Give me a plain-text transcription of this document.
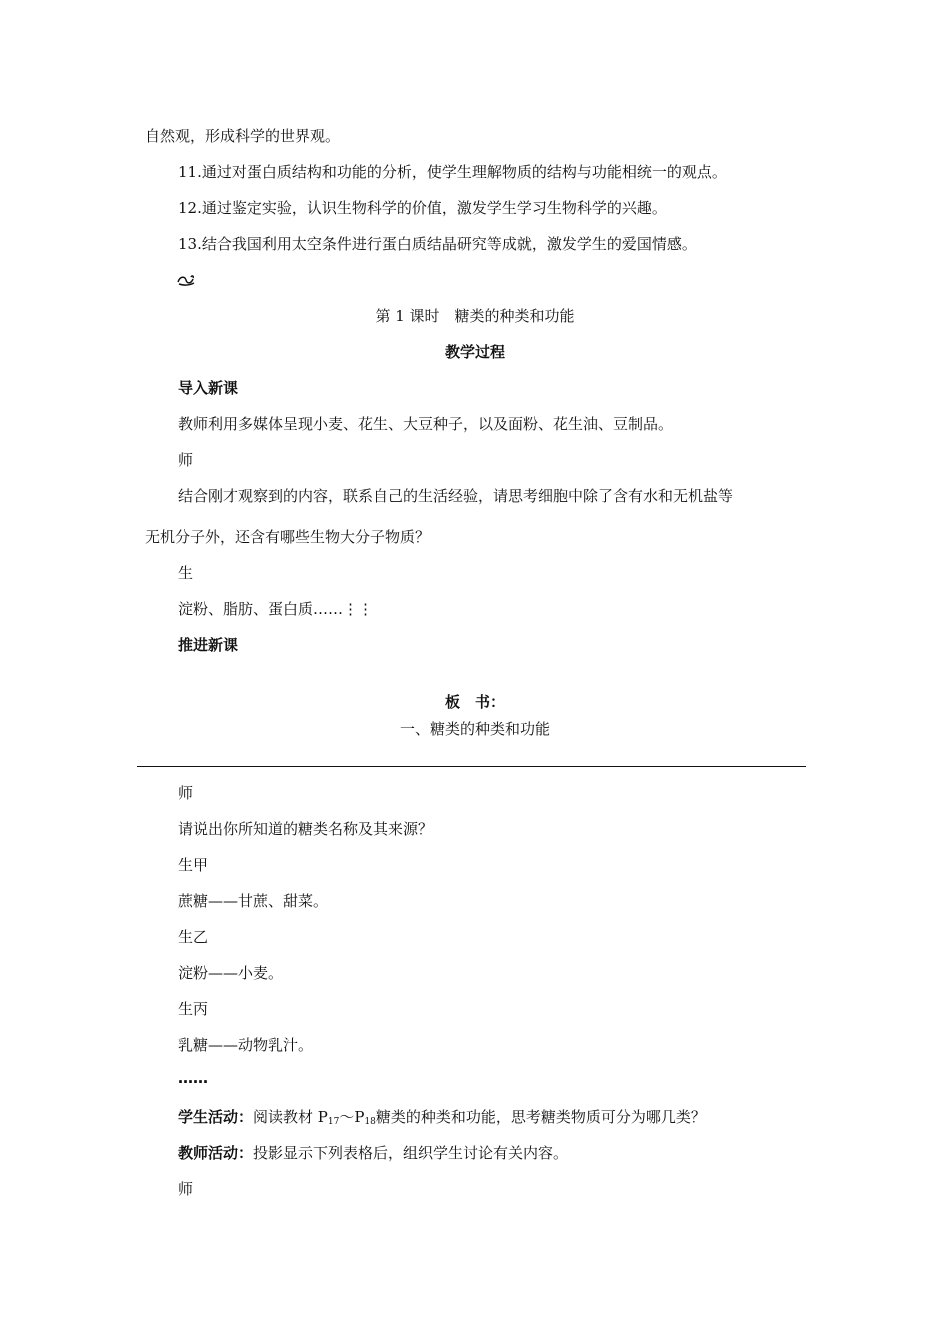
自然观，形成科学的世界观。
11.通过对蛋白质结构和功能的分析，使学生理解物质的结构与功能相统一的观点。
12.通过鉴定实验，认识生物科学的价值，激发学生学习生物科学的兴趣。
13.结合我国利用太空条件进行蛋白质结晶研究等成就，激发学生的爱国情感。
第 1 课时　糖类的种类和功能
教学过程
导入新课
教师利用多媒体呈现小麦、花生、大豆种子，以及面粉、花生油、豆制品。
师
结合刚才观察到的内容，联系自己的生活经验，请思考细胞中除了含有水和无机盐等
无机分子外，还含有哪些生物大分子物质？
生
淀粉、脂肪、蛋白质……⋮⋮
推进新课
板　书：
一、糖类的种类和功能
师
请说出你所知道的糖类名称及其来源？
生甲
蔗糖——甘蔗、甜菜。
生乙
淀粉——小麦。
生丙
乳糖——动物乳汁。
……
学生活动：阅读教材 $P_{17}\sim P_{18}$糖类的种类和功能，思考糖类物质可分为哪几类？
教师活动：投影显示下列表格后，组织学生讨论有关内容。
师
